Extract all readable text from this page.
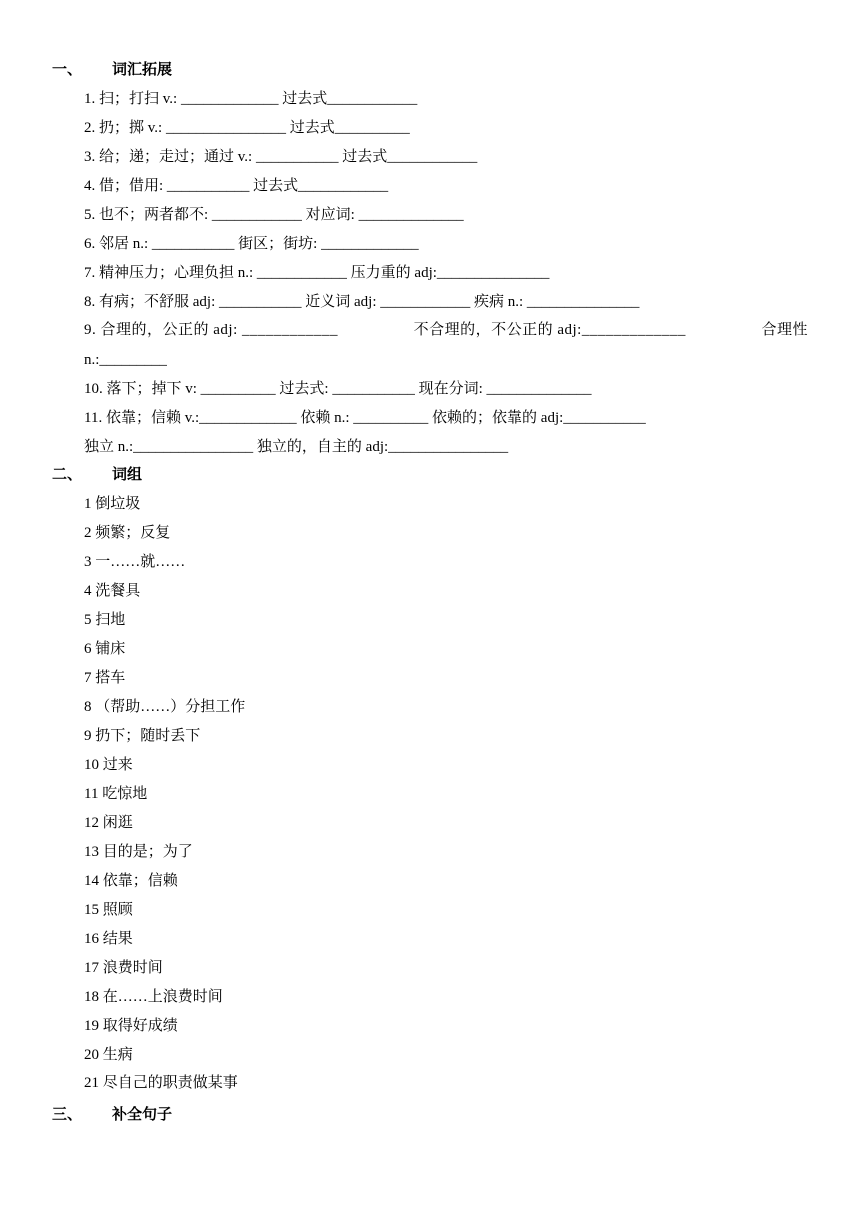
一、 词汇拓展
1. 扫；打扫 v.: _____________ 过去式____________
2. 扔；掷 v.: ________________ 过去式__________
3. 给；递；走过；通过 v.: ___________ 过去式____________
4. 借；借用: ___________ 过去式____________
5. 也不；两者都不: ____________ 对应词: ______________
6. 邻居 n.: ___________ 街区；街坊: _____________
7. 精神压力；心理负担 n.: ____________ 压力重的 adj:_______________
8. 有病；不舒服 adj: ___________ 近义词 adj: ____________ 疾病 n.: _______________
9. 合理的，公正的 adj: ____________	不合理的，不公正的 adj:_____________	合理性
n.:_________
10. 落下；掉下 v: __________ 过去式: ___________ 现在分词: ______________
11. 依靠；信赖 v.:_____________ 依赖 n.: __________ 依赖的；依靠的 adj:___________
独立 n.:________________ 独立的，自主的 adj:________________
二、 词组
1 倒垃圾
2 频繁；反复
3 一……就……
4 洗餐具
5 扫地
6 铺床
7 搭车
8 （帮助……）分担工作
9 扔下；随时丢下
10 过来
11 吃惊地
12 闲逛
13 目的是；为了
14 依靠；信赖
15 照顾
16 结果
17 浪费时间
18 在……上浪费时间
19 取得好成绩
20 生病
21 尽自己的职责做某事
三、 补全句子
